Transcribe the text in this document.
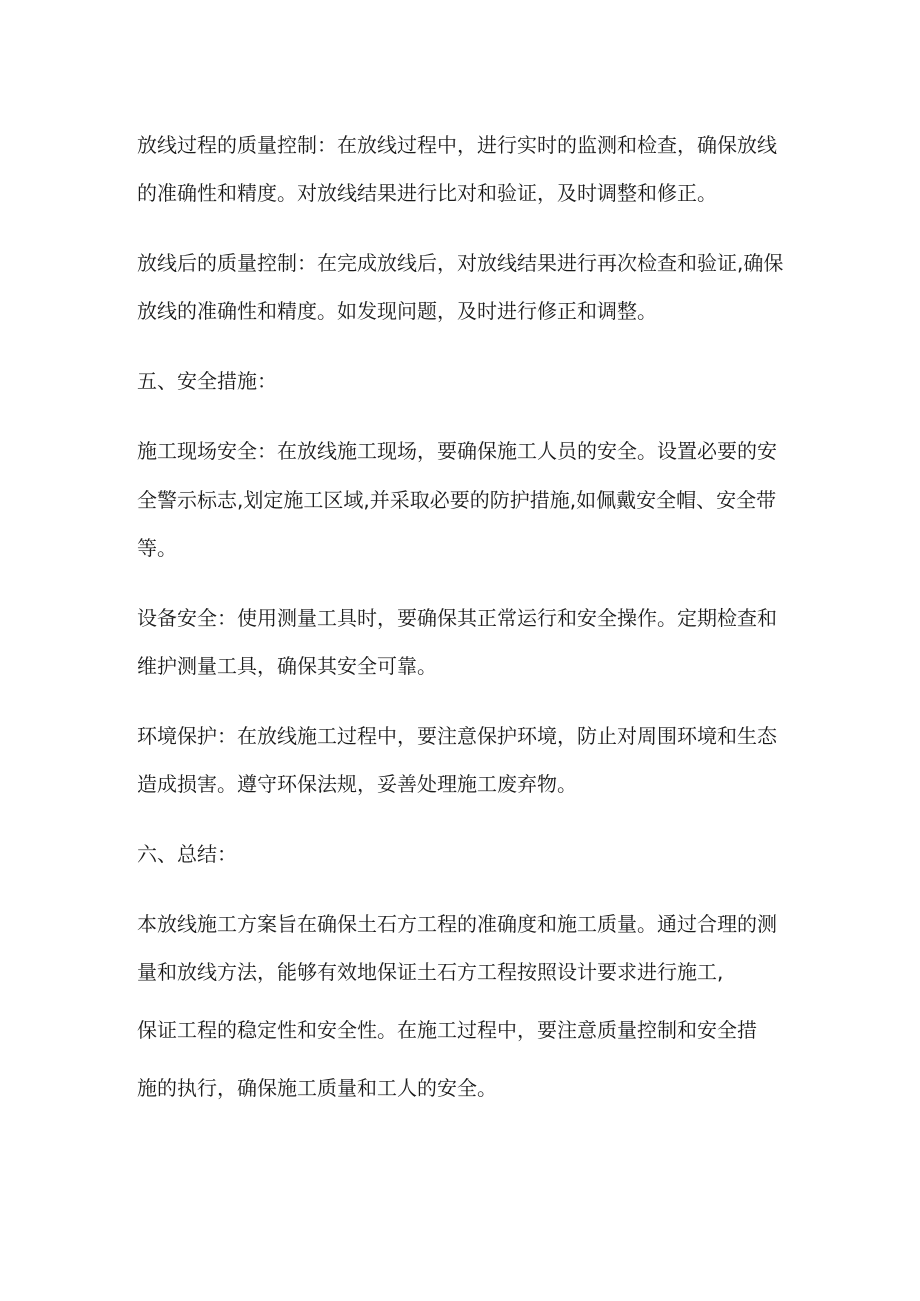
放线过程的质量控制：在放线过程中，进行实时的监测和检查，确保放线

的准确性和精度。对放线结果进行比对和验证，及时调整和修正。

放线后的质量控制：在完成放线后，对放线结果进行再次检查和验证,确保

放线的准确性和精度。如发现问题，及时进行修正和调整。

五、安全措施：

施工现场安全：在放线施工现场，要确保施工人员的安全。设置必要的安

全警示标志,划定施工区域,并采取必要的防护措施,如佩戴安全帽、安全带

等。

设备安全：使用测量工具时，要确保其正常运行和安全操作。定期检查和

维护测量工具，确保其安全可靠。

环境保护：在放线施工过程中，要注意保护环境，防止对周围环境和生态

造成损害。遵守环保法规，妥善处理施工废弃物。

六、总结：

本放线施工方案旨在确保土石方工程的准确度和施工质量。通过合理的测

量和放线方法，能够有效地保证土石方工程按照设计要求进行施工,

保证工程的稳定性和安全性。在施工过程中，要注意质量控制和安全措

施的执行，确保施工质量和工人的安全。
